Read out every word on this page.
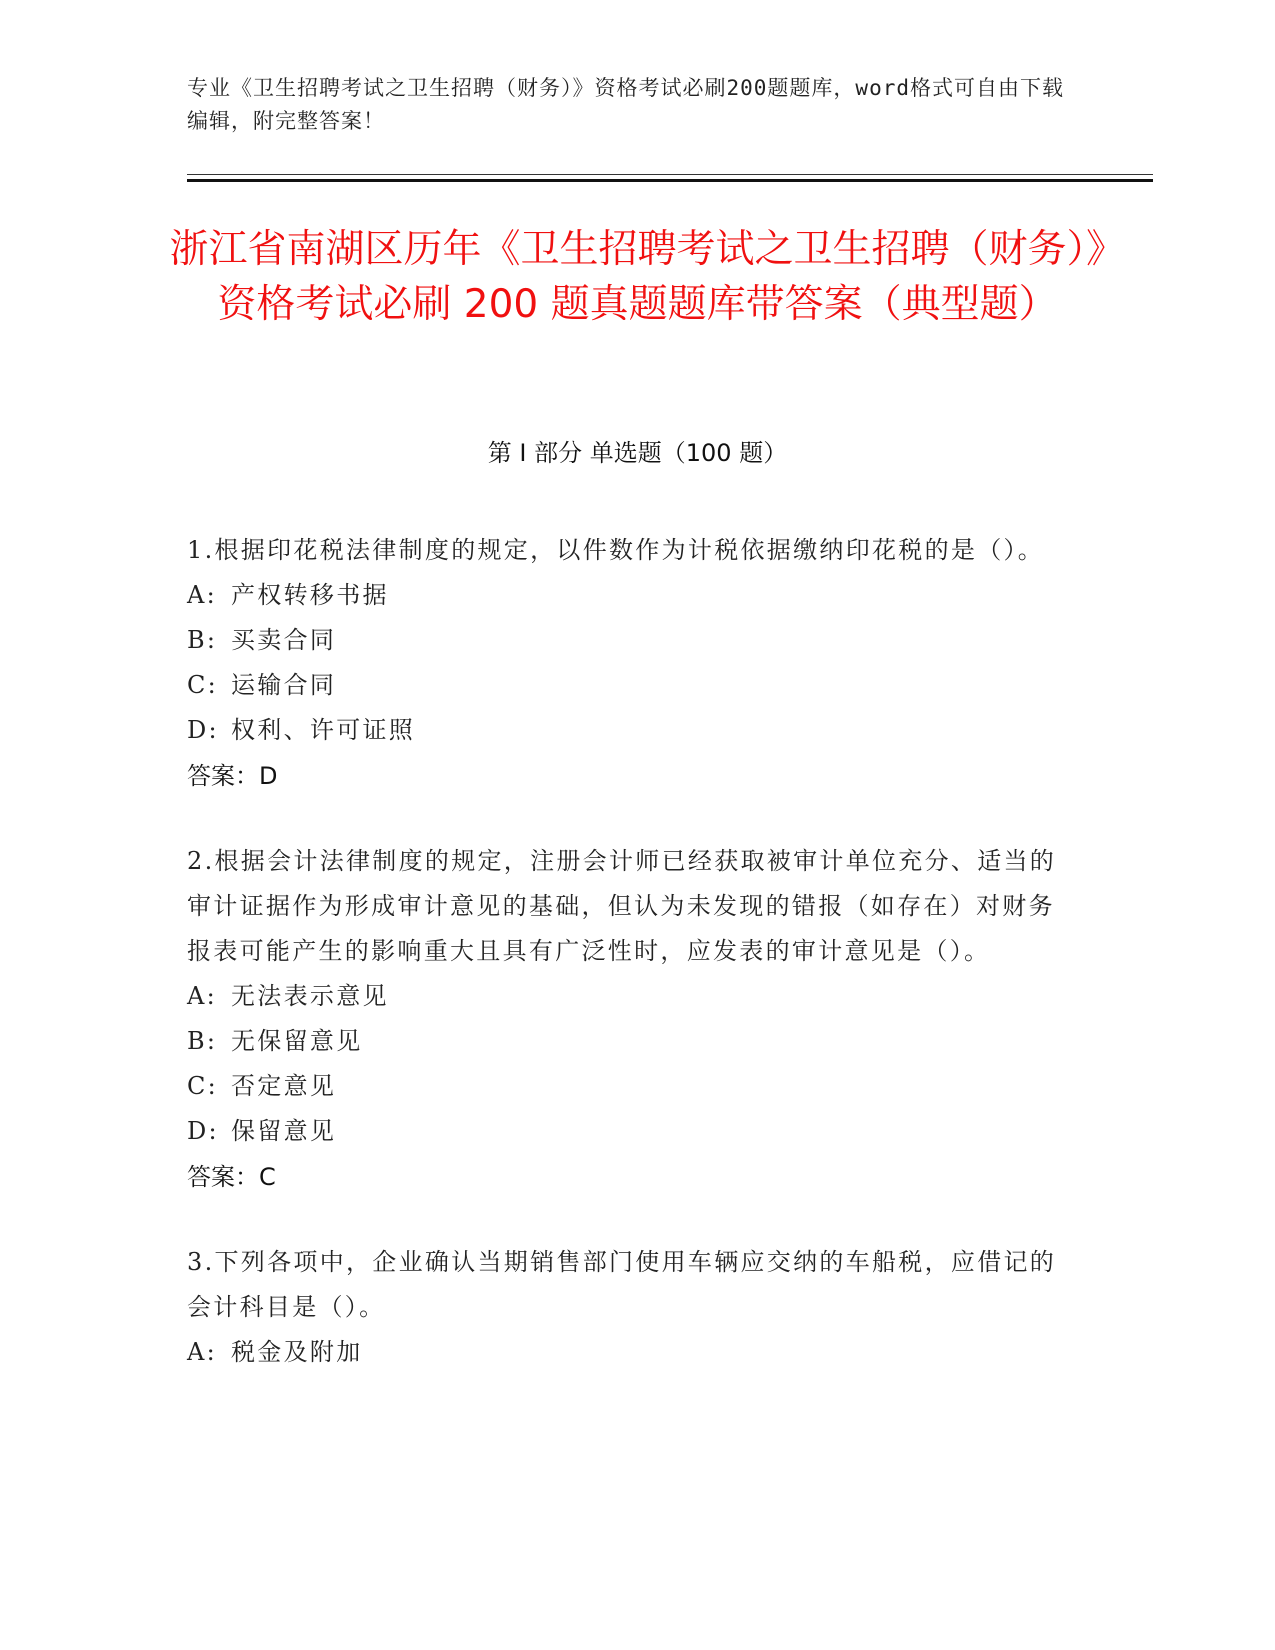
专业《卫生招聘考试之卫生招聘（财务）》资格考试必刷200题题库，word格式可自由下载编辑，附完整答案！
浙江省南湖区历年《卫生招聘考试之卫生招聘（财务）》资格考试必刷 200 题真题题库带答案（典型题）
第 I 部分 单选题（100 题）

1.根据印花税法律制度的规定，以件数作为计税依据缴纳印花税的是（）。

A: 产权转移书据
B: 买卖合同
C: 运输合同
D: 权利、许可证照
答案：D

2.根据会计法律制度的规定，注册会计师已经获取被审计单位充分、适当的审计证据作为形成审计意见的基础，但认为未发现的错报（如存在）对财务报表可能产生的影响重大且具有广泛性时，应发表的审计意见是（）。

A: 无法表示意见
B: 无保留意见
C: 否定意见
D: 保留意见
答案：C

3.下列各项中，企业确认当期销售部门使用车辆应交纳的车船税，应借记的会计科目是（）。

A: 税金及附加
